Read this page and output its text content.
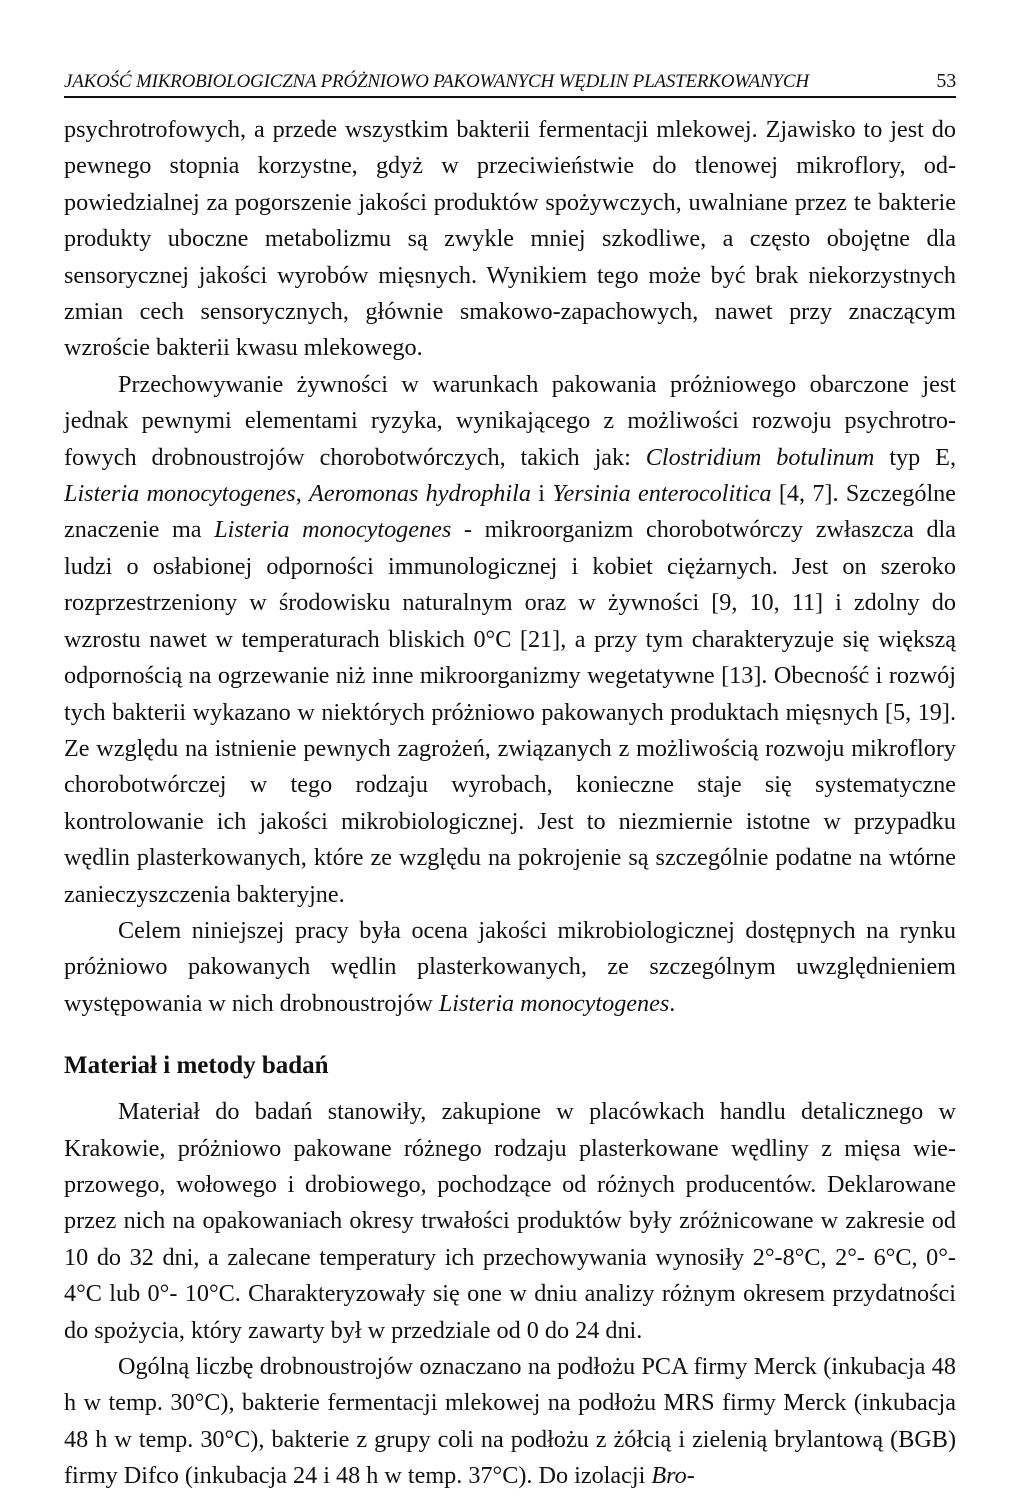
JAKOŚĆ MIKROBIOLOGICZNA PRÓŻNIOWO PAKOWANYCH WĘDLIN PLASTERKOWANYCH	53

psychrotrofowych, a przede wszystkim bakterii fermentacji mlekowej. Zjawisko to jest do pewnego stopnia korzystne, gdyż w przeciwieństwie do tlenowej mikroflory, odpowiedzialnej za pogorszenie jakości produktów spożywczych, uwalniane przez te bakterie produkty uboczne metabolizmu są zwykle mniej szkodliwe, a często obojętne dla sensorycznej jakości wyrobów mięsnych. Wynikiem tego może być brak niekorzystnych zmian cech sensorycznych, głównie smakowo-zapachowych, nawet przy znaczącym wzroście bakterii kwasu mlekowego.

Przechowywanie żywności w warunkach pakowania próżniowego obarczone jest jednak pewnymi elementami ryzyka, wynikającego z możliwości rozwoju psychrotrofowych drobnoustrojów chorobotwórczych, takich jak: Clostridium botulinum typ E, Listeria monocytogenes, Aeromonas hydrophila i Yersinia enterocolitica [4, 7]. Szczególne znaczenie ma Listeria monocytogenes - mikroorganizm chorobotwórczy zwłaszcza dla ludzi o osłabionej odporności immunologicznej i kobiet ciężarnych. Jest on szeroko rozprzestrzeniony w środowisku naturalnym oraz w żywności [9, 10, 11] i zdolny do wzrostu nawet w temperaturach bliskich 0°C [21], a przy tym charakteryzuje się większą odpornością na ogrzewanie niż inne mikroorganizmy wegetatywne [13]. Obecność i rozwój tych bakterii wykazano w niektórych próżniowo pakowanych produktach mięsnych [5, 19]. Ze względu na istnienie pewnych zagrożeń, związanych z możliwością rozwoju mikroflory chorobotwórczej w tego rodzaju wyrobach, konieczne staje się systematyczne kontrolowanie ich jakości mikrobiologicznej. Jest to niezmiernie istotne w przypadku wędlin plasterkowanych, które ze względu na pokrojenie są szczególnie podatne na wtórne zanieczyszczenia bakteryjne.

Celem niniejszej pracy była ocena jakości mikrobiologicznej dostępnych na rynku próżniowo pakowanych wędlin plasterkowanych, ze szczególnym uwzględnieniem występowania w nich drobnoustrojów Listeria monocytogenes.

Materiał i metody badań

Materiał do badań stanowiły, zakupione w placówkach handlu detalicznego w Krakowie, próżniowo pakowane różnego rodzaju plasterkowane wędliny z mięsa wieprzowego, wołowego i drobiowego, pochodzące od różnych producentów. Deklarowane przez nich na opakowaniach okresy trwałości produktów były zróżnicowane w zakresie od 10 do 32 dni, a zalecane temperatury ich przechowywania wynosiły 2°-8°C, 2°- 6°C, 0°- 4°C lub 0°- 10°C. Charakteryzowały się one w dniu analizy różnym okresem przydatności do spożycia, który zawarty był w przedziale od 0 do 24 dni.

Ogólną liczbę drobnoustrojów oznaczano na podłożu PCA firmy Merck (inkubacja 48 h w temp. 30°C), bakterie fermentacji mlekowej na podłożu MRS firmy Merck (inkubacja 48 h w temp. 30°C), bakterie z grupy coli na podłożu z żółcią i zielenią brylantową (BGB) firmy Difco (inkubacja 24 i 48 h w temp. 37°C). Do izolacji Bro-
